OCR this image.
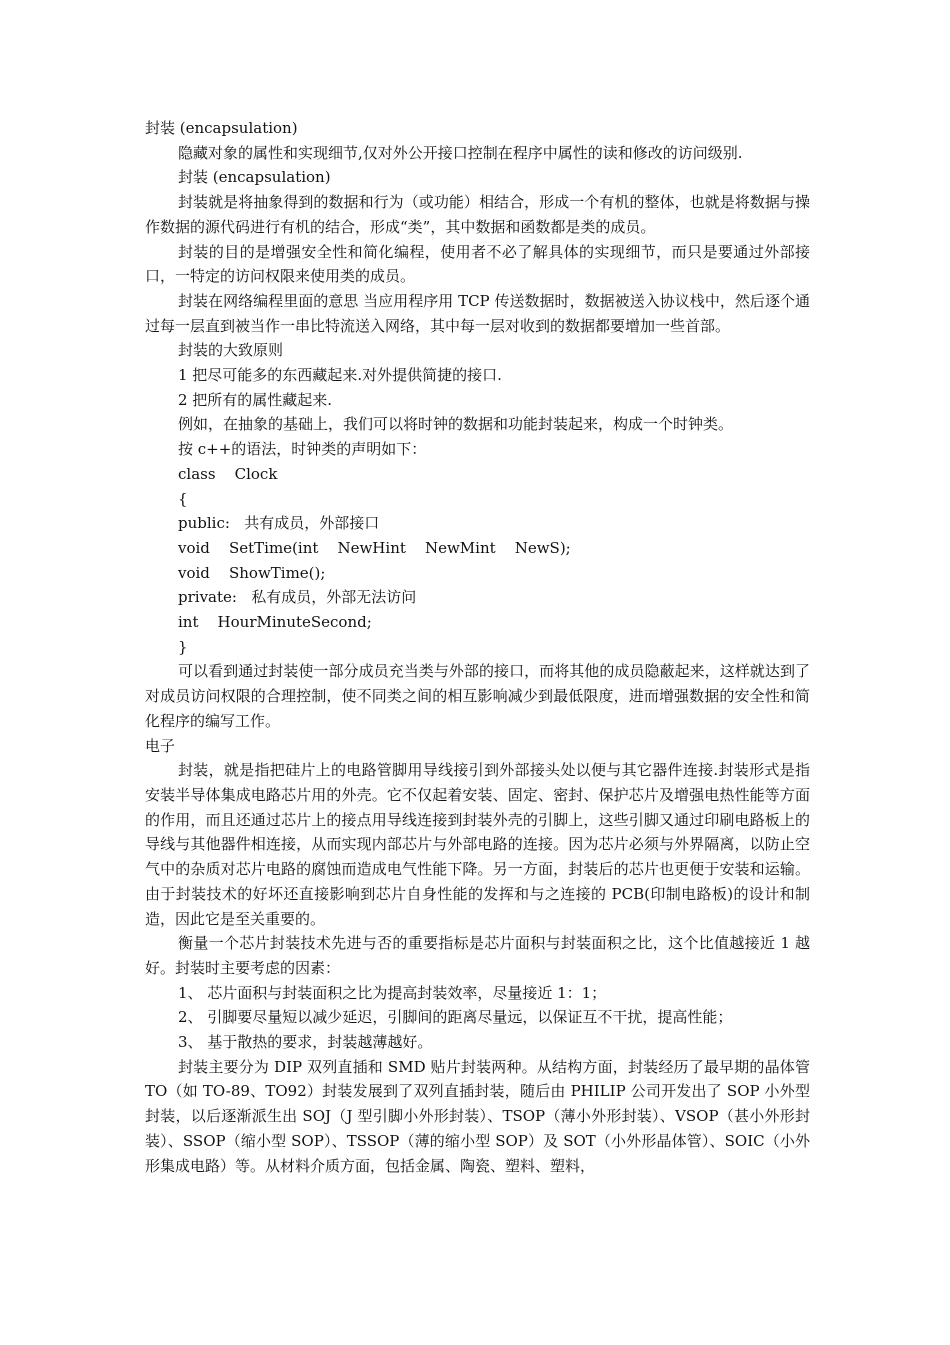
封装 (encapsulation)

隐藏对象的属性和实现细节,仅对外公开接口控制在程序中属性的读和修改的访问级别.

封装 (encapsulation)

封装就是将抽象得到的数据和行为（或功能）相结合，形成一个有机的整体，也就是将数据与操作数据的源代码进行有机的结合，形成“类”，其中数据和函数都是类的成员。

封装的目的是增强安全性和简化编程，使用者不必了解具体的实现细节，而只是要通过外部接口，一特定的访问权限来使用类的成员。

封装在网络编程里面的意思 当应用程序用 TCP 传送数据时，数据被送入协议栈中，然后逐个通过每一层直到被当作一串比特流送入网络，其中每一层对收到的数据都要增加一些首部。

封装的大致原则

1 把尽可能多的东西藏起来.对外提供简捷的接口.

2 把所有的属性藏起来.

例如，在抽象的基础上，我们可以将时钟的数据和功能封装起来，构成一个时钟类。

按 c++的语法，时钟类的声明如下：

class    Clock

{

public:   共有成员，外部接口

void    SetTime(int    NewHint    NewMint    NewS);

void    ShowTime();

private:   私有成员，外部无法访问

int    HourMinuteSecond;

}

可以看到通过封装使一部分成员充当类与外部的接口，而将其他的成员隐蔽起来，这样就达到了对成员访问权限的合理控制，使不同类之间的相互影响减少到最低限度，进而增强数据的安全性和简化程序的编写工作。

电子

封装，就是指把硅片上的电路管脚用导线接引到外部接头处以便与其它器件连接.封装形式是指安装半导体集成电路芯片用的外壳。它不仅起着安装、固定、密封、保护芯片及增强电热性能等方面的作用，而且还通过芯片上的接点用导线连接到封装外壳的引脚上，这些引脚又通过印刷电路板上的导线与其他器件相连接，从而实现内部芯片与外部电路的连接。因为芯片必须与外界隔离，以防止空气中的杂质对芯片电路的腐蚀而造成电气性能下降。另一方面，封装后的芯片也更便于安装和运输。由于封装技术的好坏还直接影响到芯片自身性能的发挥和与之连接的 PCB(印制电路板)的设计和制造，因此它是至关重要的。

衡量一个芯片封装技术先进与否的重要指标是芯片面积与封装面积之比，这个比值越接近 1 越好。封装时主要考虑的因素：

1、 芯片面积与封装面积之比为提高封装效率，尽量接近 1：1；

2、 引脚要尽量短以减少延迟，引脚间的距离尽量远，以保证互不干扰，提高性能；

3、 基于散热的要求，封装越薄越好。

封装主要分为 DIP 双列直插和 SMD 贴片封装两种。从结构方面，封装经历了最早期的晶体管 TO（如 TO-89、TO92）封装发展到了双列直插封装，随后由 PHILIP 公司开发出了 SOP 小外型封装，以后逐渐派生出 SOJ（J 型引脚小外形封装）、TSOP（薄小外形封装）、VSOP（甚小外形封装）、SSOP（缩小型 SOP）、TSSOP（薄的缩小型 SOP）及 SOT（小外形晶体管）、SOIC（小外形集成电路）等。从材料介质方面，包括金属、陶瓷、塑料、塑料，
